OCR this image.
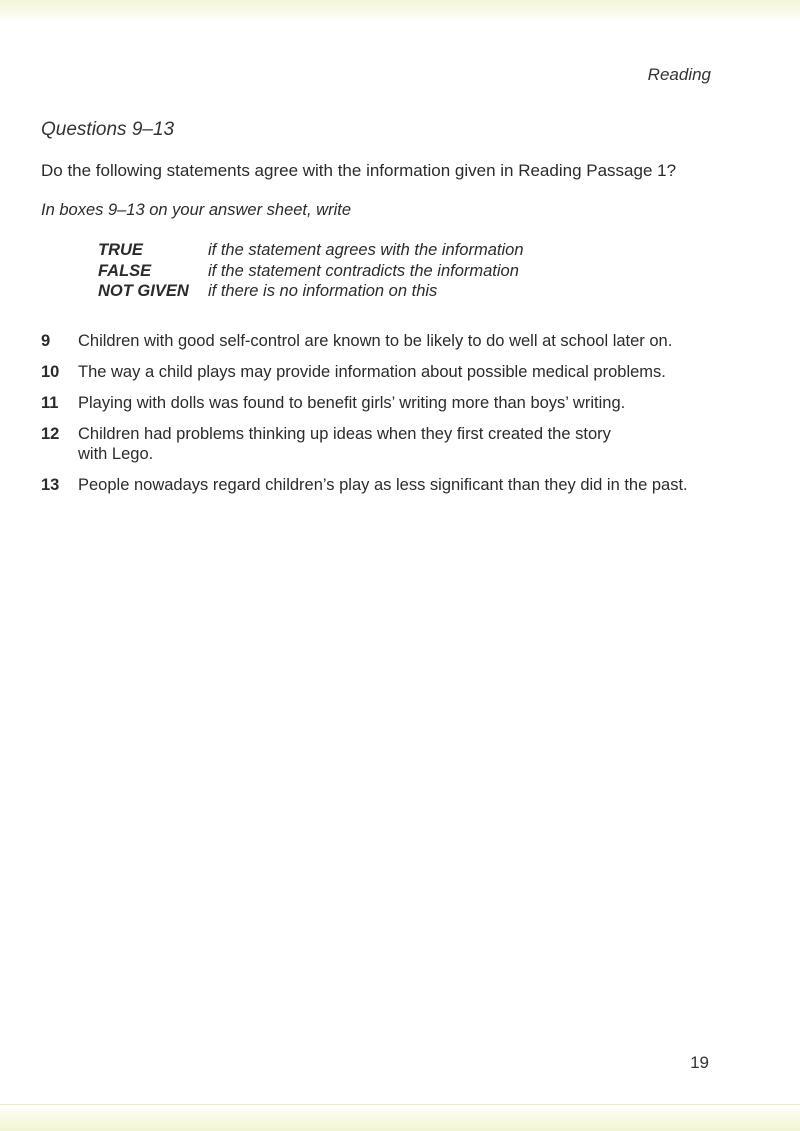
Reading
Questions 9–13
Do the following statements agree with the information given in Reading Passage 1?
In boxes 9–13 on your answer sheet, write
TRUE	if the statement agrees with the information
FALSE	if the statement contradicts the information
NOT GIVEN	if there is no information on this
9	Children with good self-control are known to be likely to do well at school later on.
10	The way a child plays may provide information about possible medical problems.
11	Playing with dolls was found to benefit girls’ writing more than boys’ writing.
12	Children had problems thinking up ideas when they first created the story with Lego.
13	People nowadays regard children’s play as less significant than they did in the past.
19
